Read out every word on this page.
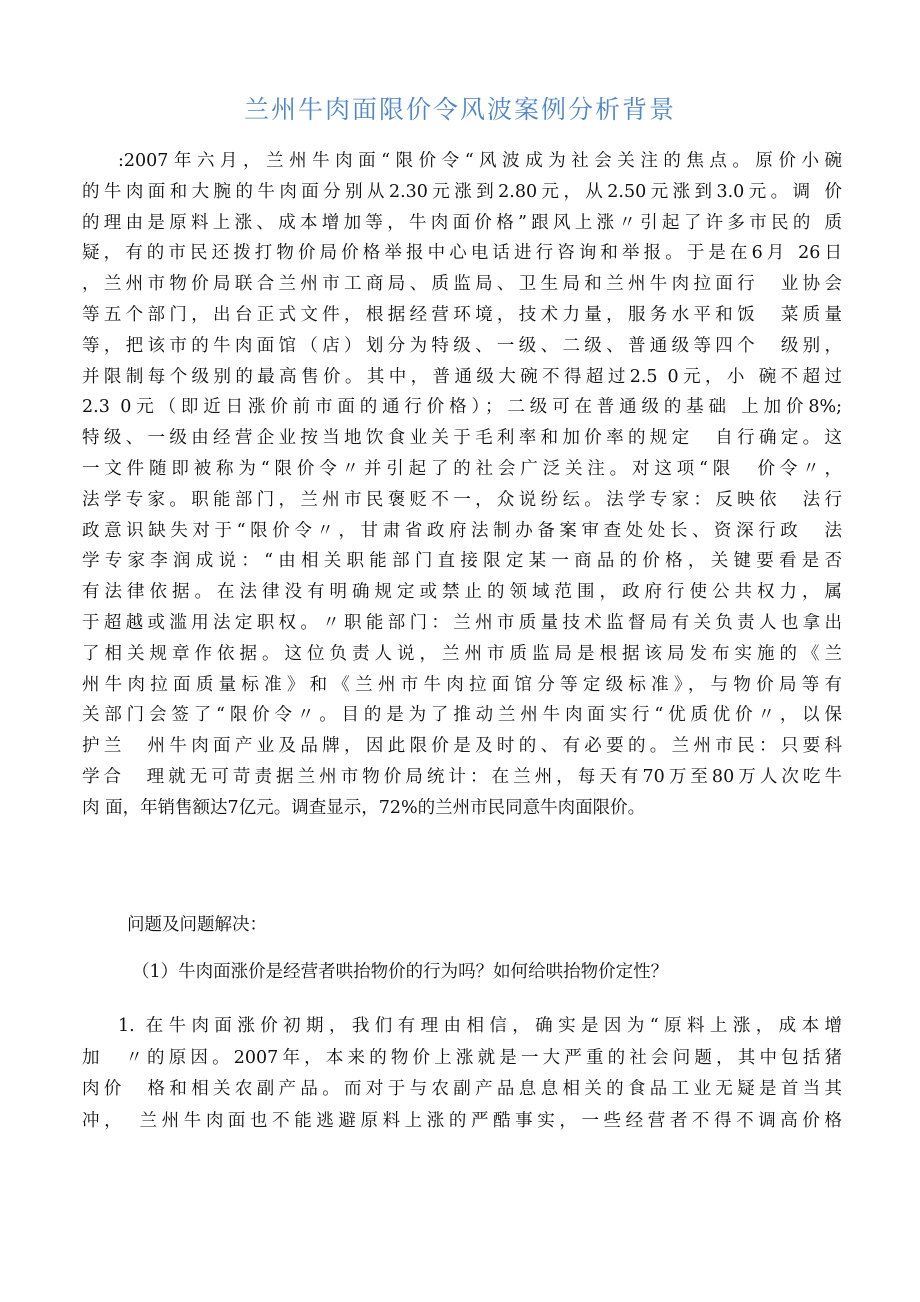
兰州牛肉面限价令风波案例分析背景
:2007年六月，兰州牛肉面“限价令“风波成为社会关注的焦点。原价小碗
的牛肉面和大腕的牛肉面分别从2.30元涨到2.80元，从2.50元涨到3.0元。调 价
的理由是原料上涨、成本增加等，牛肉面价格”跟风上涨〃引起了许多市民的 质
疑，有的市民还拨打物价局价格举报中心电话进行咨询和举报。于是在6月 26日
，兰州市物价局联合兰州市工商局、质监局、卫生局和兰州牛肉拉面行　业协会
等五个部门，出台正式文件，根据经营环境，技术力量，服务水平和饭　菜质量
等，把该市的牛肉面馆（店）划分为特级、一级、二级、普通级等四个　级别，
并限制每个级别的最高售价。其中，普通级大碗不得超过2.5 0元，小 碗不超过
2.3 0元（即近日涨价前市面的通行价格）；二级可在普通级的基础 上加价8%;
特级、一级由经营企业按当地饮食业关于毛利率和加价率的规定　自行确定。这
一文件随即被称为“限价令〃并引起了的社会广泛关注。对这项“限　价令〃，
法学专家。职能部门，兰州市民褒贬不一，众说纷纭。法学专家：反映依　法行
政意识缺失对于“限价令〃，甘肃省政府法制办备案审查处处长、资深行政　法
学专家李润成说：“由相关职能部门直接限定某一商品的价格，关键要看是否
有法律依据。在法律没有明确规定或禁止的领域范围，政府行使公共权力，属
于超越或滥用法定职权。〃职能部门：兰州市质量技术监督局有关负责人也拿出
了相关规章作依据。这位负责人说，兰州市质监局是根据该局发布实施的《兰
州牛肉拉面质量标准》和《兰州市牛肉拉面馆分等定级标准》，与物价局等有
关部门会签了“限价令〃。目的是为了推动兰州牛肉面实行“优质优价〃，以保
护兰　州牛肉面产业及品牌，因此限价是及时的、有必要的。兰州市民：只要科
学合　理就无可苛责据兰州市物价局统计：在兰州，每天有70万至80万人次吃牛
肉 面，年销售额达7亿元。调查显示，72%的兰州市民同意牛肉面限价。
问题及问题解决：
（1）牛肉面涨价是经营者哄抬物价的行为吗？如何给哄抬物价定性？
1. 在牛肉面涨价初期，我们有理由相信，确实是因为“原料上涨，成本增
加　〃的原因。2007年，本来的物价上涨就是一大严重的社会问题，其中包括猪
肉价　格和相关农副产品。而对于与农副产品息息相关的食品工业无疑是首当其
冲，　兰州牛肉面也不能逃避原料上涨的严酷事实，一些经营者不得不调高价格
